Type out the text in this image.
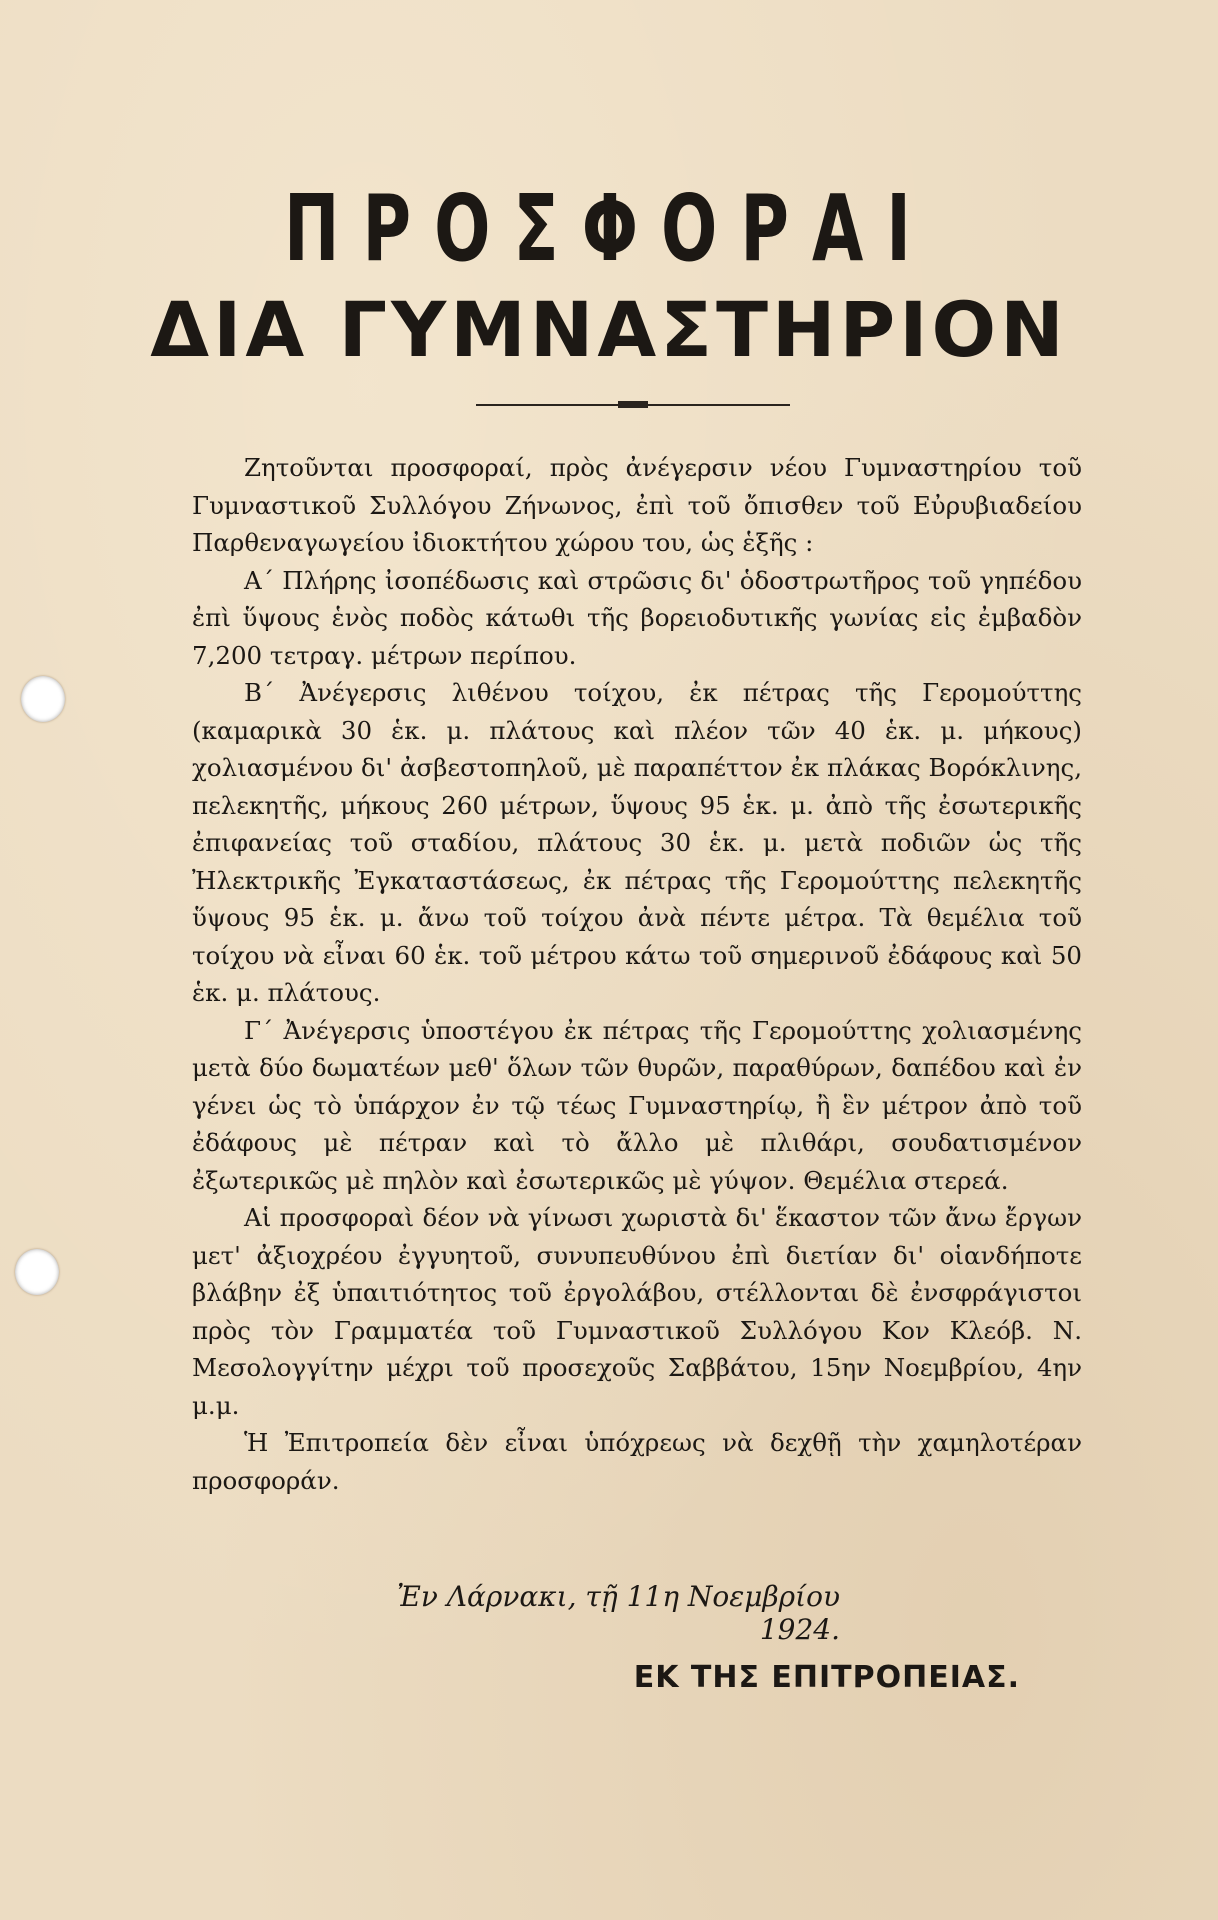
ΠΡΟΣΦΟΡΑΙ
ΔΙΑ ΓΥΜΝΑΣΤΗΡΙΟΝ

Ζητοῦνται προσφοραί, πρὸς ἀνέγερσιν νέου Γυμναστηρίου τοῦ Γυμναστικοῦ Συλλόγου Ζήνωνος, ἐπὶ τοῦ ὄπισθεν τοῦ Εὐρυβιαδείου Παρθεναγωγείου ἰδιοκτήτου χώρου του, ὡς ἑξῆς :

Α΄ Πλήρης ἰσοπέδωσις καὶ στρῶσις δι' ὁδοστρωτῆρος τοῦ γηπέδου ἐπὶ ὕψους ἑνὸς ποδὸς κάτωθι τῆς βορειοδυτικῆς γωνίας εἰς ἐμβαδὸν 7,200 τετραγ. μέτρων περίπου.

Β΄ Ἀνέγερσις λιθένου τοίχου, ἐκ πέτρας τῆς Γερομούττης (καμαρικὰ 30 ἑκ. μ. πλάτους καὶ πλέον τῶν 40 ἑκ. μ. μήκους) χολιασμένου δι' ἀσβεστοπηλοῦ, μὲ παραπέττον ἐκ πλάκας Βορόκλινης, πελεκητῆς, μήκους 260 μέτρων, ὕψους 95 ἑκ. μ. ἀπὸ τῆς ἐσωτερικῆς ἐπιφανείας τοῦ σταδίου, πλάτους 30 ἑκ. μ. μετὰ ποδιῶν ὡς τῆς Ἠλεκτρικῆς Ἐγκαταστάσεως, ἐκ πέτρας τῆς Γερομούττης πελεκητῆς ὕψους 95 ἑκ. μ. ἄνω τοῦ τοίχου ἀνὰ πέντε μέτρα. Τὰ θεμέλια τοῦ τοίχου νὰ εἶναι 60 ἑκ. τοῦ μέτρου κάτω τοῦ σημερινοῦ ἐδάφους καὶ 50 ἑκ. μ. πλάτους.

Γ΄ Ἀνέγερσις ὑποστέγου ἐκ πέτρας τῆς Γερομούττης χολιασμένης μετὰ δύο δωματέων μεθ' ὅλων τῶν θυρῶν, παραθύρων, δαπέδου καὶ ἐν γένει ὡς τὸ ὑπάρχον ἐν τῷ τέως Γυμναστηρίῳ, ἢ ἓν μέτρον ἀπὸ τοῦ ἐδάφους μὲ πέτραν καὶ τὸ ἄλλο μὲ πλιθάρι, σουδατισμένον ἐξωτερικῶς μὲ πηλὸν καὶ ἐσωτερικῶς μὲ γύψον. Θεμέλια στερεά.

Αἱ προσφοραὶ δέον νὰ γίνωσι χωριστὰ δι' ἕκαστον τῶν ἄνω ἔργων μετ' ἀξιοχρέου ἐγγυητοῦ, συνυπευθύνου ἐπὶ διετίαν δι' οἱανδήποτε βλάβην ἐξ ὑπαιτιότητος τοῦ ἐργολάβου, στέλλονται δὲ ἐνσφράγιστοι πρὸς τὸν Γραμματέα τοῦ Γυμναστικοῦ Συλλόγου Κον Κλεόβ. Ν. Μεσολογγίτην μέχρι τοῦ προσεχοῦς Σαββάτου, 15ην Νοεμβρίου, 4ην μ.μ.

Ἡ Ἐπιτροπεία δὲν εἶναι ὑπόχρεως νὰ δεχθῇ τὴν χαμηλοτέραν προσφοράν.

Ἐν Λάρνακι, τῇ 11η Νοεμβρίου 1924.
ΕΚ ΤΗΣ ΕΠΙΤΡΟΠΕΙΑΣ.
